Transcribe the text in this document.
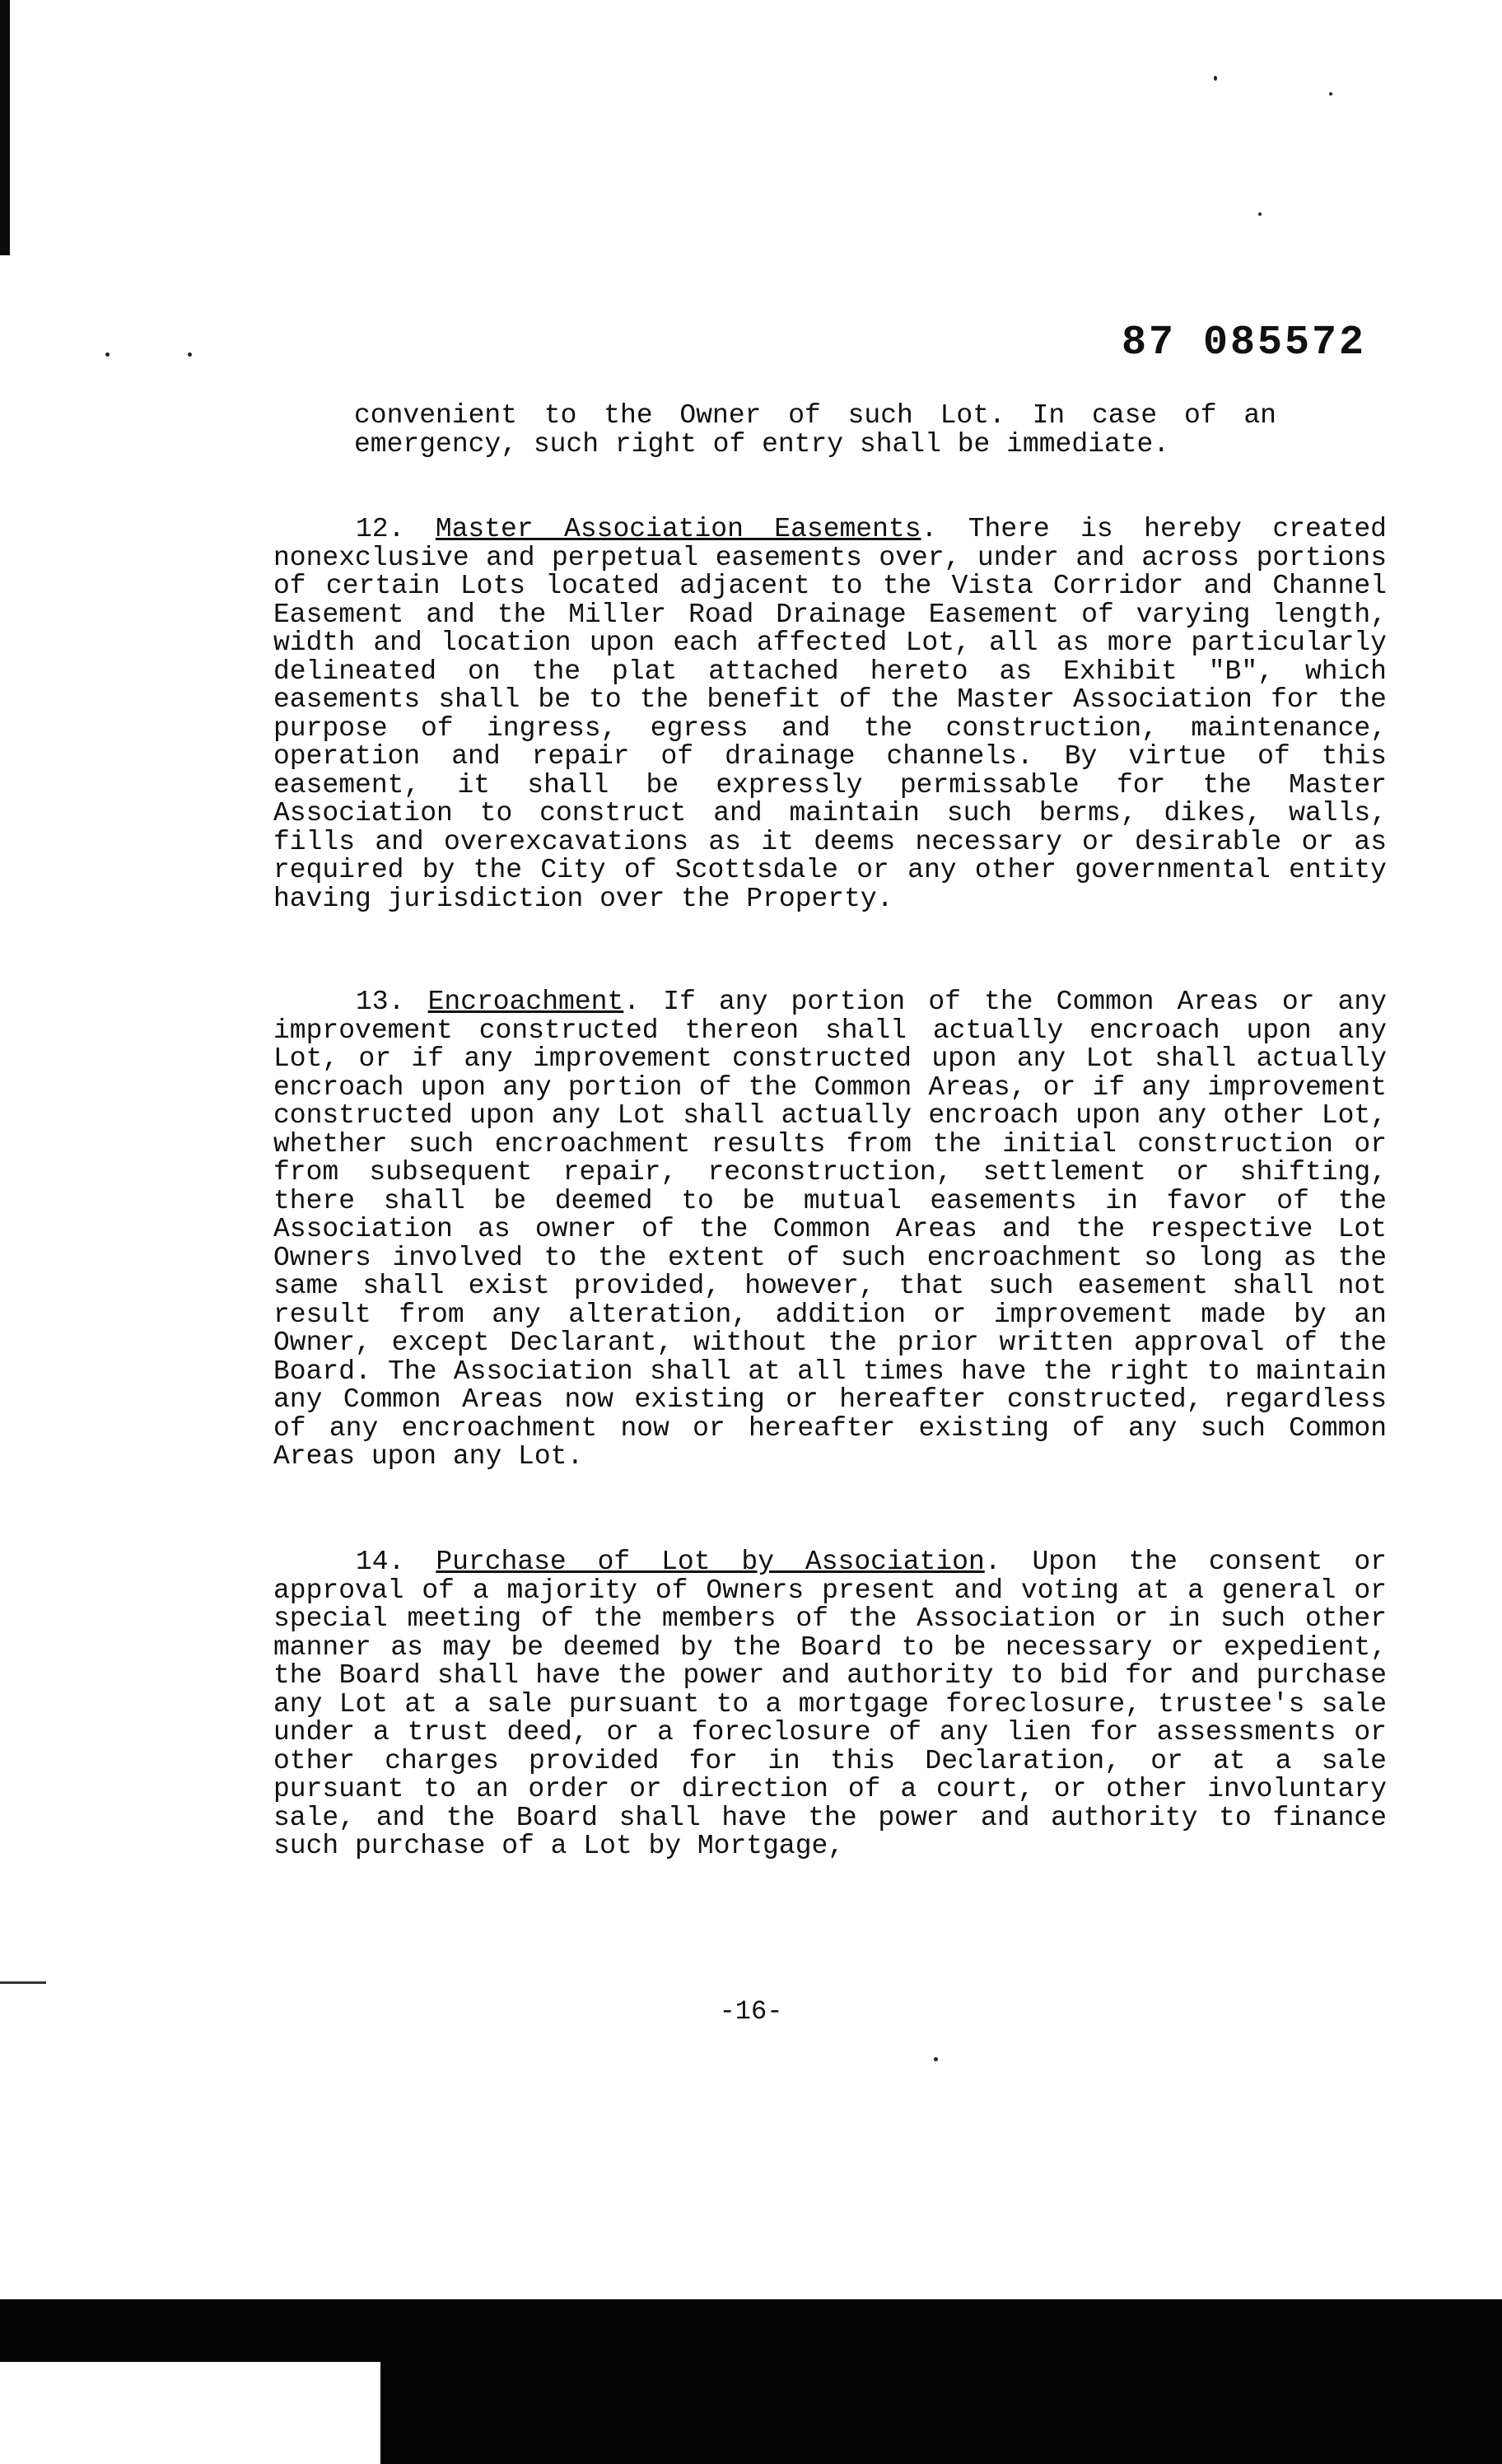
87 085572

convenient to the Owner of such Lot. In case of an emergency, such right of entry shall be immediate.

12. Master Association Easements. There is hereby created nonexclusive and perpetual easements over, under and across portions of certain Lots located adjacent to the Vista Corridor and Channel Easement and the Miller Road Drainage Easement of varying length, width and location upon each affected Lot, all as more particularly delineated on the plat attached hereto as Exhibit "B", which easements shall be to the benefit of the Master Association for the purpose of ingress, egress and the construction, maintenance, operation and repair of drainage channels. By virtue of this easement, it shall be expressly permissable for the Master Association to construct and maintain such berms, dikes, walls, fills and overexcavations as it deems necessary or desirable or as required by the City of Scottsdale or any other governmental entity having jurisdiction over the Property.

13. Encroachment. If any portion of the Common Areas or any improvement constructed thereon shall actually encroach upon any Lot, or if any improvement constructed upon any Lot shall actually encroach upon any portion of the Common Areas, or if any improvement constructed upon any Lot shall actually encroach upon any other Lot, whether such encroachment results from the initial construction or from subsequent repair, reconstruction, settlement or shifting, there shall be deemed to be mutual easements in favor of the Association as owner of the Common Areas and the respective Lot Owners involved to the extent of such encroachment so long as the same shall exist provided, however, that such easement shall not result from any alteration, addition or improvement made by an Owner, except Declarant, without the prior written approval of the Board. The Association shall at all times have the right to maintain any Common Areas now existing or hereafter constructed, regardless of any encroachment now or hereafter existing of any such Common Areas upon any Lot.

14. Purchase of Lot by Association. Upon the consent or approval of a majority of Owners present and voting at a general or special meeting of the members of the Association or in such other manner as may be deemed by the Board to be necessary or expedient, the Board shall have the power and authority to bid for and purchase any Lot at a sale pursuant to a mortgage foreclosure, trustee's sale under a trust deed, or a foreclosure of any lien for assessments or other charges provided for in this Declaration, or at a sale pursuant to an order or direction of a court, or other involuntary sale, and the Board shall have the power and authority to finance such purchase of a Lot by Mortgage,

-16-
